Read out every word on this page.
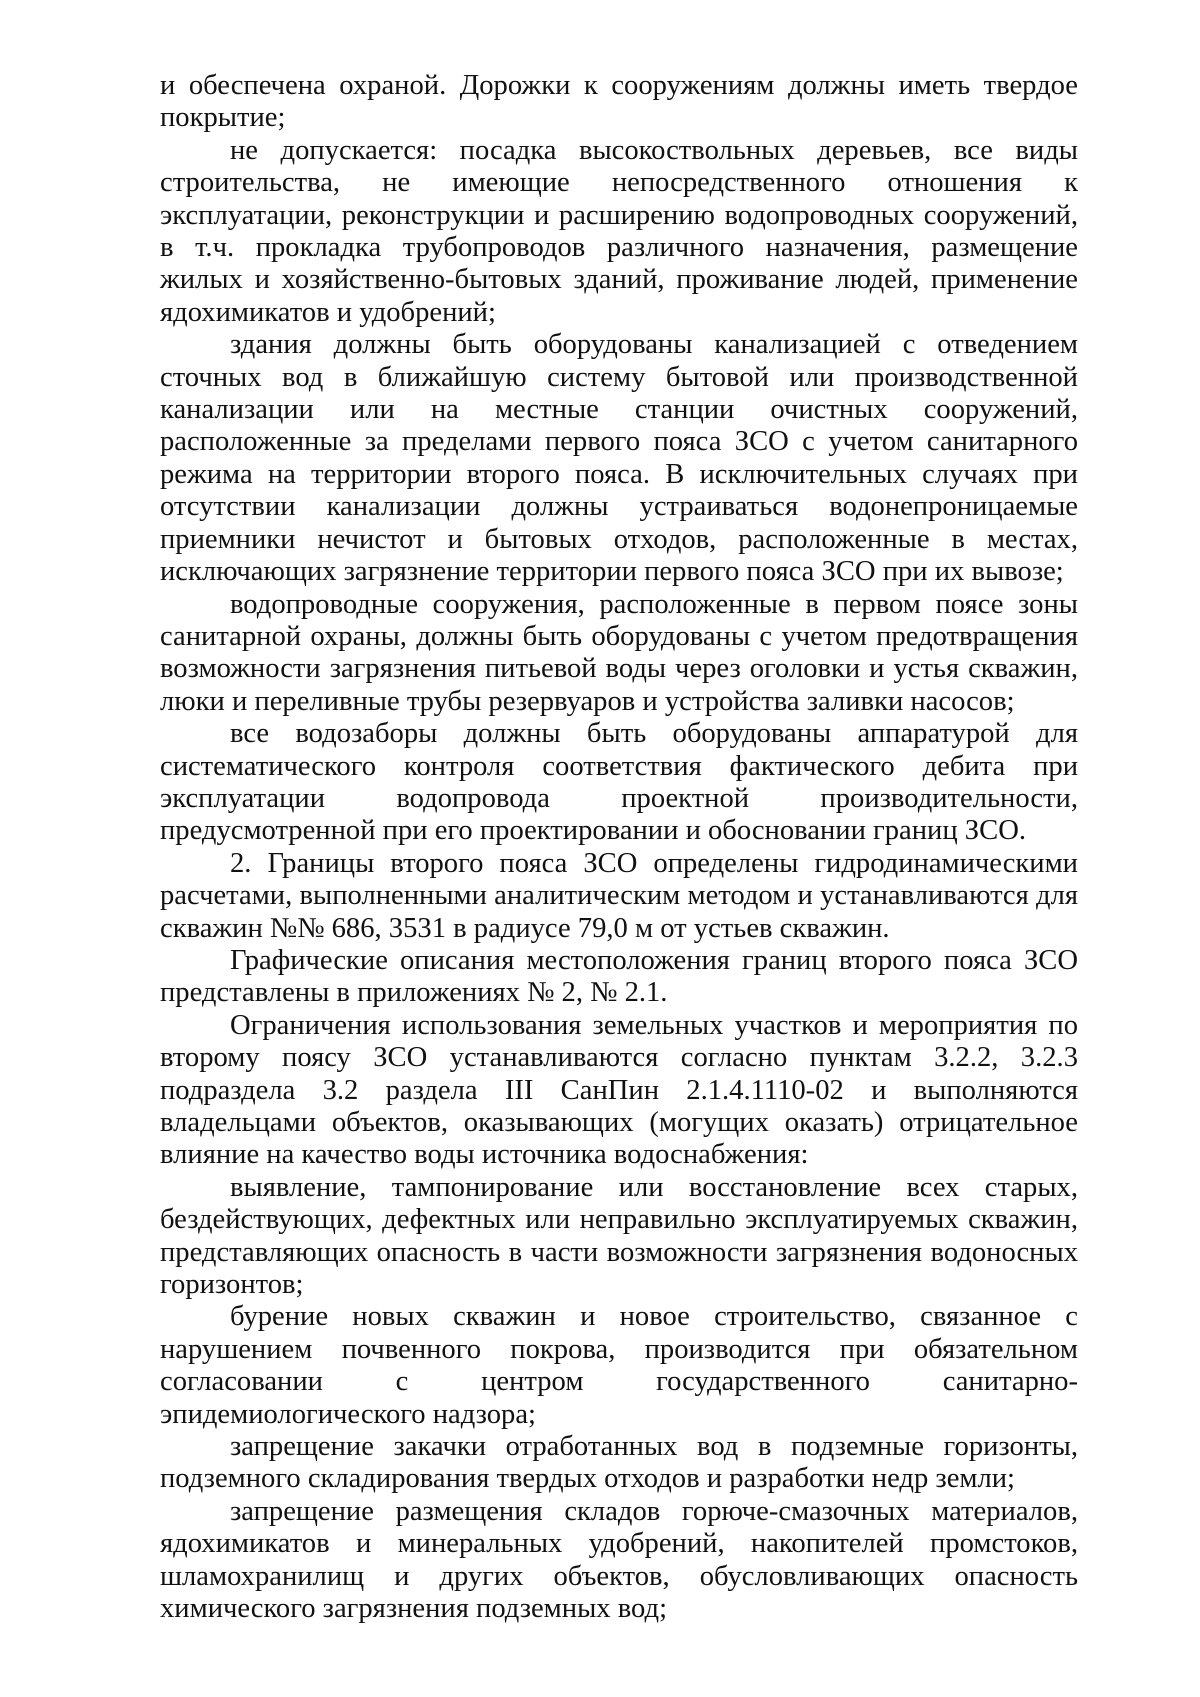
и обеспечена охраной. Дорожки к сооружениям должны иметь твердое покрытие;

не допускается: посадка высокоствольных деревьев, все виды строительства, не имеющие непосредственного отношения к эксплуатации, реконструкции и расширению водопроводных сооружений, в т.ч. прокладка трубопроводов различного назначения, размещение жилых и хозяйственно-бытовых зданий, проживание людей, применение ядохимикатов и удобрений;

здания должны быть оборудованы канализацией с отведением сточных вод в ближайшую систему бытовой или производственной канализации или на местные станции очистных сооружений, расположенные за пределами первого пояса ЗСО с учетом санитарного режима на территории второго пояса. В исключительных случаях при отсутствии канализации должны устраиваться водонепроницаемые приемники нечистот и бытовых отходов, расположенные в местах, исключающих загрязнение территории первого пояса ЗСО при их вывозе;

водопроводные сооружения, расположенные в первом поясе зоны санитарной охраны, должны быть оборудованы с учетом предотвращения возможности загрязнения питьевой воды через оголовки и устья скважин, люки и переливные трубы резервуаров и устройства заливки насосов;

все водозаборы должны быть оборудованы аппаратурой для систематического контроля соответствия фактического дебита при эксплуатации водопровода проектной производительности, предусмотренной при его проектировании и обосновании границ ЗСО.

2. Границы второго пояса ЗСО определены гидродинамическими расчетами, выполненными аналитическим методом и устанавливаются для скважин №№ 686, 3531 в радиусе 79,0 м от устьев скважин.

Графические описания местоположения границ второго пояса ЗСО представлены в приложениях № 2, № 2.1.

Ограничения использования земельных участков и мероприятия по второму поясу ЗСО устанавливаются согласно пунктам 3.2.2, 3.2.3 подраздела 3.2 раздела III СанПин 2.1.4.1110-02 и выполняются владельцами объектов, оказывающих (могущих оказать) отрицательное влияние на качество воды источника водоснабжения:

выявление, тампонирование или восстановление всех старых, бездействующих, дефектных или неправильно эксплуатируемых скважин, представляющих опасность в части возможности загрязнения водоносных горизонтов;

бурение новых скважин и новое строительство, связанное с нарушением почвенного покрова, производится при обязательном согласовании с центром государственного санитарно-эпидемиологического надзора;

запрещение закачки отработанных вод в подземные горизонты, подземного складирования твердых отходов и разработки недр земли;

запрещение размещения складов горюче-смазочных материалов, ядохимикатов и минеральных удобрений, накопителей промстоков, шламохранилищ и других объектов, обусловливающих опасность химического загрязнения подземных вод;
